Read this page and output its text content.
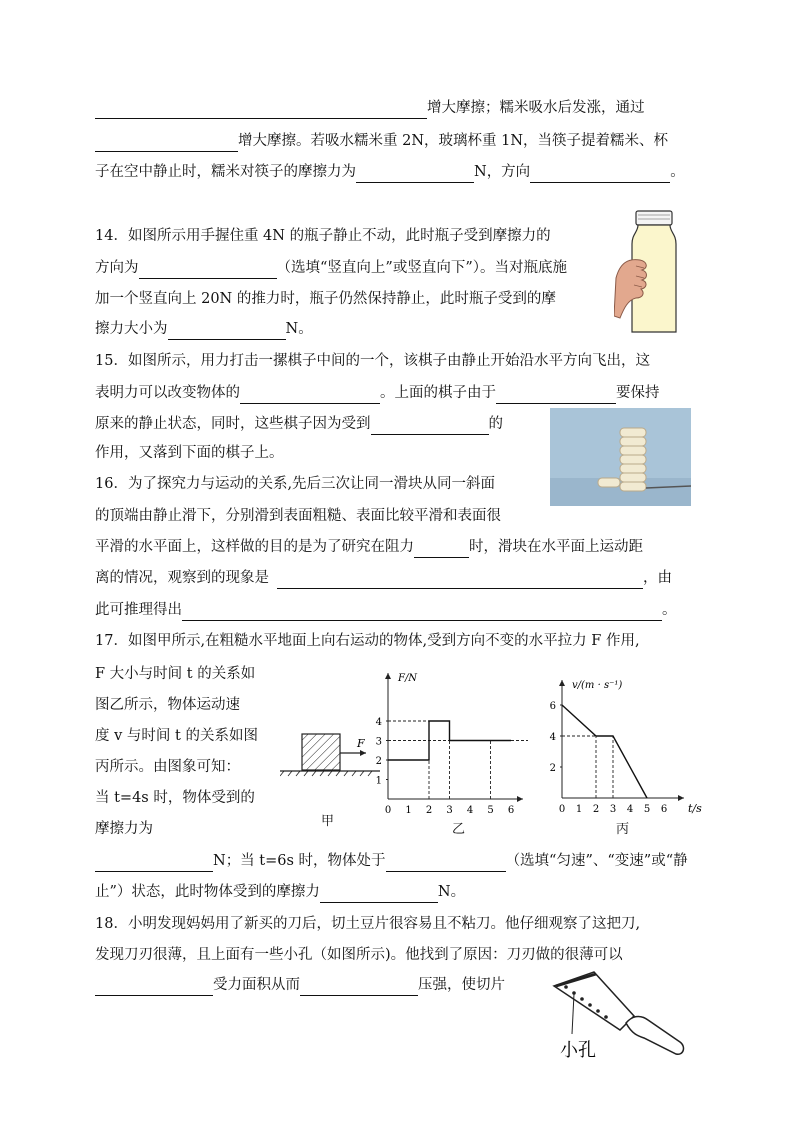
增大摩擦；糯米吸水后发涨，通过
增大摩擦。若吸水糯米重 2N，玻璃杯重 1N，当筷子提着糯米、杯
子在空中静止时，糯米对筷子的摩擦力为	N，方向	。
14．如图所示用手握住重 4N 的瓶子静止不动，此时瓶子受到摩擦力的
方向为	（选填“竖直向上”或竖直向下”）。当对瓶底施
加一个竖直向上 20N 的推力时，瓶子仍然保持静止，此时瓶子受到的摩
擦力大小为	N。
15．如图所示，用力打击一摞棋子中间的一个，该棋子由静止开始沿水平方向飞出，这
表明力可以改变物体的	。上面的棋子由于	要保持
原来的静止状态，同时，这些棋子因为受到	的
作用，又落到下面的棋子上。
16．为了探究力与运动的关系,先后三次让同一滑块从同一斜面
的顶端由静止滑下，分别滑到表面粗糙、表面比较平滑和表面很
平滑的水平面上，这样做的目的是为了研究在阻力	时，滑块在水平面上运动距
离的情况，观察到的现象是	，由
此可推理得出	。
17．如图甲所示,在粗糙水平地面上向右运动的物体,受到方向不变的水平拉力 F 作用,
F 大小与时间 t 的关系如
图乙所示，物体运动速
度 v 与时间 t 的关系如图
丙所示。由图象可知：
当 t=4s 时，物体受到的
摩擦力为
N；当 t=6s 时，物体处于	（选填“匀速”、“变速”或“静
止”）状态，此时物体受到的摩擦力	N。
F
甲
0 1 2 3 4 5 6
1
2
3
4
F/N
乙
0 1 2 3 4 5 6
2
4
6
v/(m · s⁻¹)
t/s
丙
18．小明发现妈妈用了新买的刀后，切土豆片很容易且不粘刀。他仔细观察了这把刀,
发现刀刃很薄，且上面有一些小孔（如图所示)。他找到了原因：刀刃做的很薄可以
受力面积从而	压强，使切片
小孔
